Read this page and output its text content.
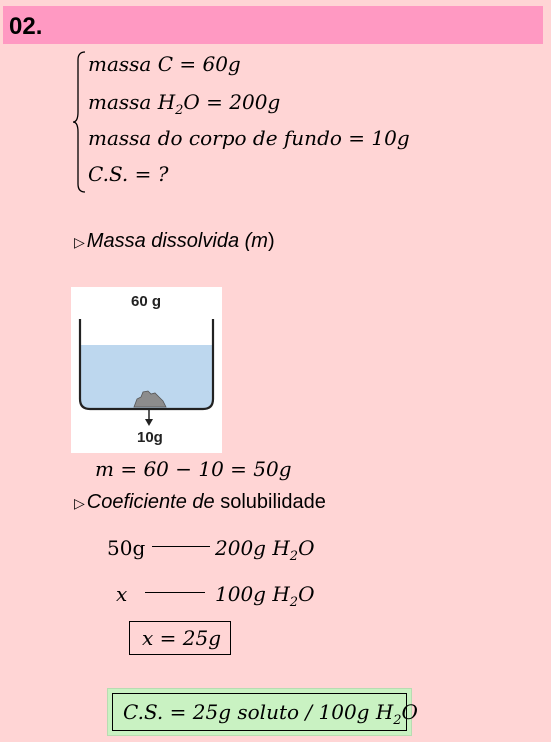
02.
massa C = 60g
massa $H_2O = 200g$
massa do corpo de fundo = 10g
C.S. = ?
▷ Massa dissolvida (m)
60 g
10g
m = 60 − 10 = 50g
▷ Coeficiente de solubilidade
50g	200g $H_2O$
x	100g $H_2O$
x = 25g
C.S. = 25g soluto / 100g $H_2O$
